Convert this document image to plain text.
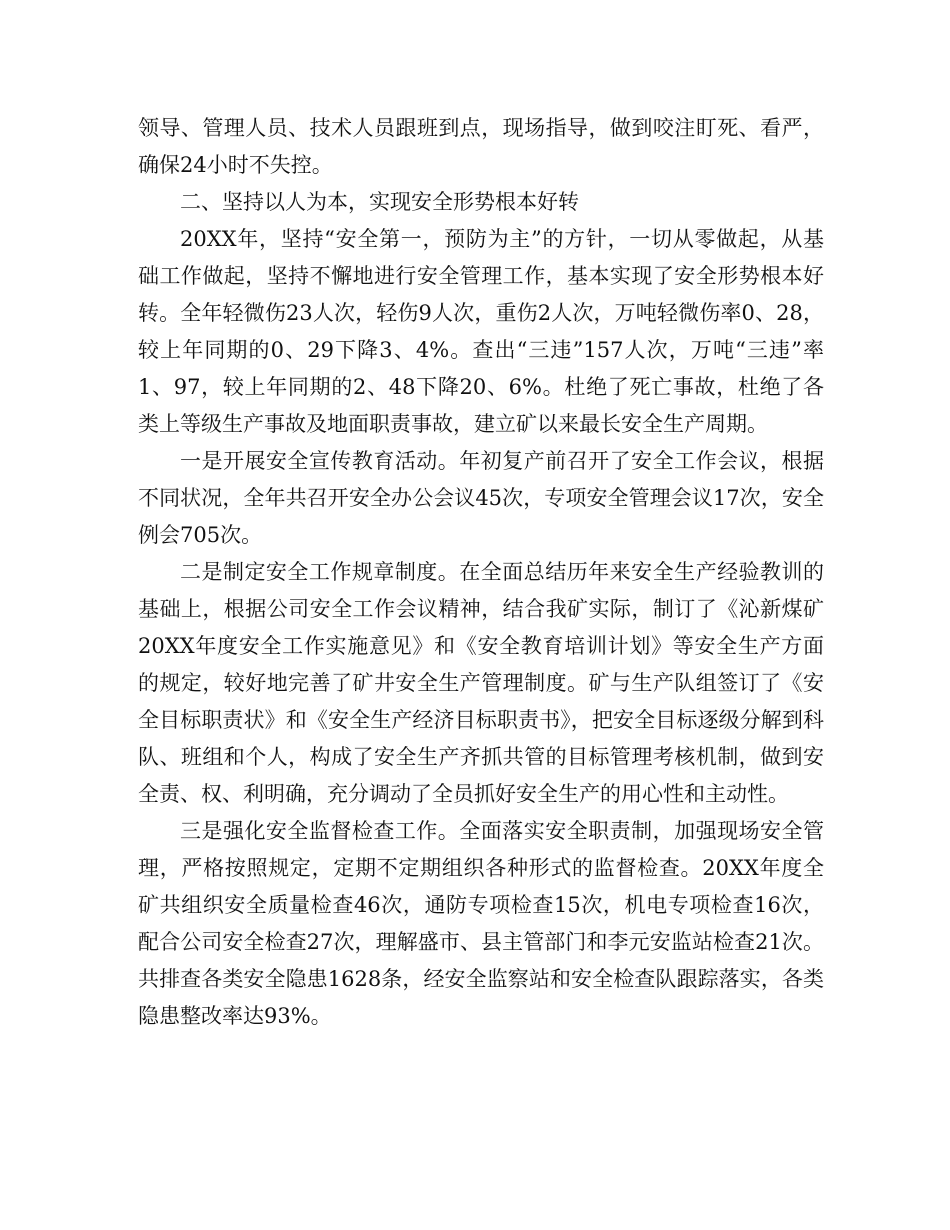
领导、管理人员、技术人员跟班到点，现场指导，做到咬注盯死、看严，确保24小时不失控。

二、坚持以人为本，实现安全形势根本好转

20XX年，坚持“安全第一，预防为主”的方针，一切从零做起，从基础工作做起，坚持不懈地进行安全管理工作，基本实现了安全形势根本好转。全年轻微伤23人次，轻伤9人次，重伤2人次，万吨轻微伤率0、28，较上年同期的0、29下降3、4%。查出“三违”157人次，万吨“三违”率1、97，较上年同期的2、48下降20、6%。杜绝了死亡事故，杜绝了各类上等级生产事故及地面职责事故，建立矿以来最长安全生产周期。

一是开展安全宣传教育活动。年初复产前召开了安全工作会议，根据不同状况，全年共召开安全办公会议45次，专项安全管理会议17次，安全例会705次。

二是制定安全工作规章制度。在全面总结历年来安全生产经验教训的基础上，根据公司安全工作会议精神，结合我矿实际，制订了《沁新煤矿20XX年度安全工作实施意见》和《安全教育培训计划》等安全生产方面的规定，较好地完善了矿井安全生产管理制度。矿与生产队组签订了《安全目标职责状》和《安全生产经济目标职责书》，把安全目标逐级分解到科队、班组和个人，构成了安全生产齐抓共管的目标管理考核机制，做到安全责、权、利明确，充分调动了全员抓好安全生产的用心性和主动性。

三是强化安全监督检查工作。全面落实安全职责制，加强现场安全管理，严格按照规定，定期不定期组织各种形式的监督检查。20XX年度全矿共组织安全质量检查46次，通防专项检查15次，机电专项检查16次，配合公司安全检查27次，理解盛市、县主管部门和李元安监站检查21次。共排查各类安全隐患1628条，经安全监察站和安全检查队跟踪落实，各类隐患整改率达93%。
